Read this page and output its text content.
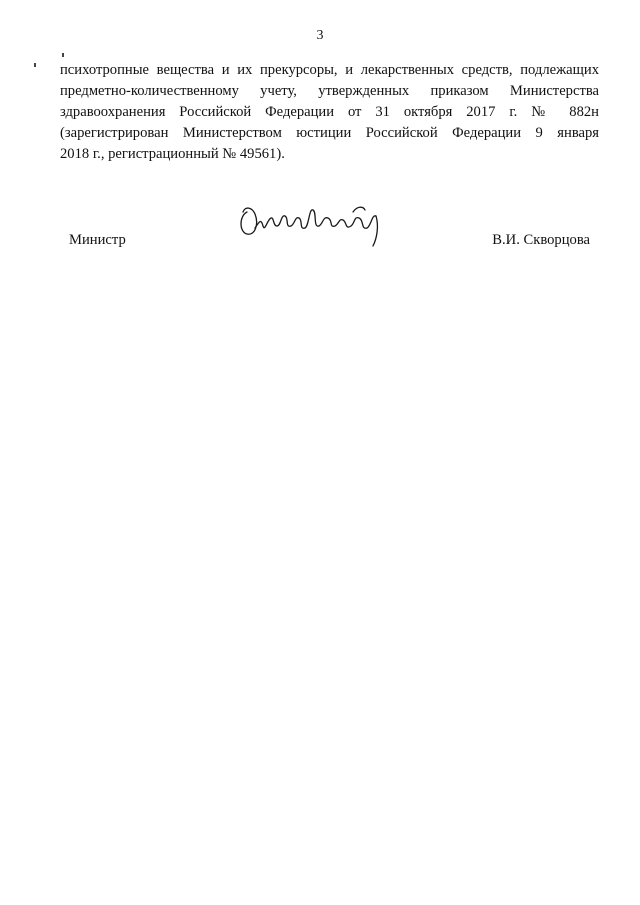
3
психотропные вещества и их прекурсоры, и лекарственных средств, подлежащих
предметно-количественному учету, утвержденных приказом Министерства
здравоохранения Российской Федерации от 31 октября 2017 г. № 882н
(зарегистрирован Министерством юстиции Российской Федерации 9 января
2018 г., регистрационный № 49561).
Министр	В.И. Скворцова
